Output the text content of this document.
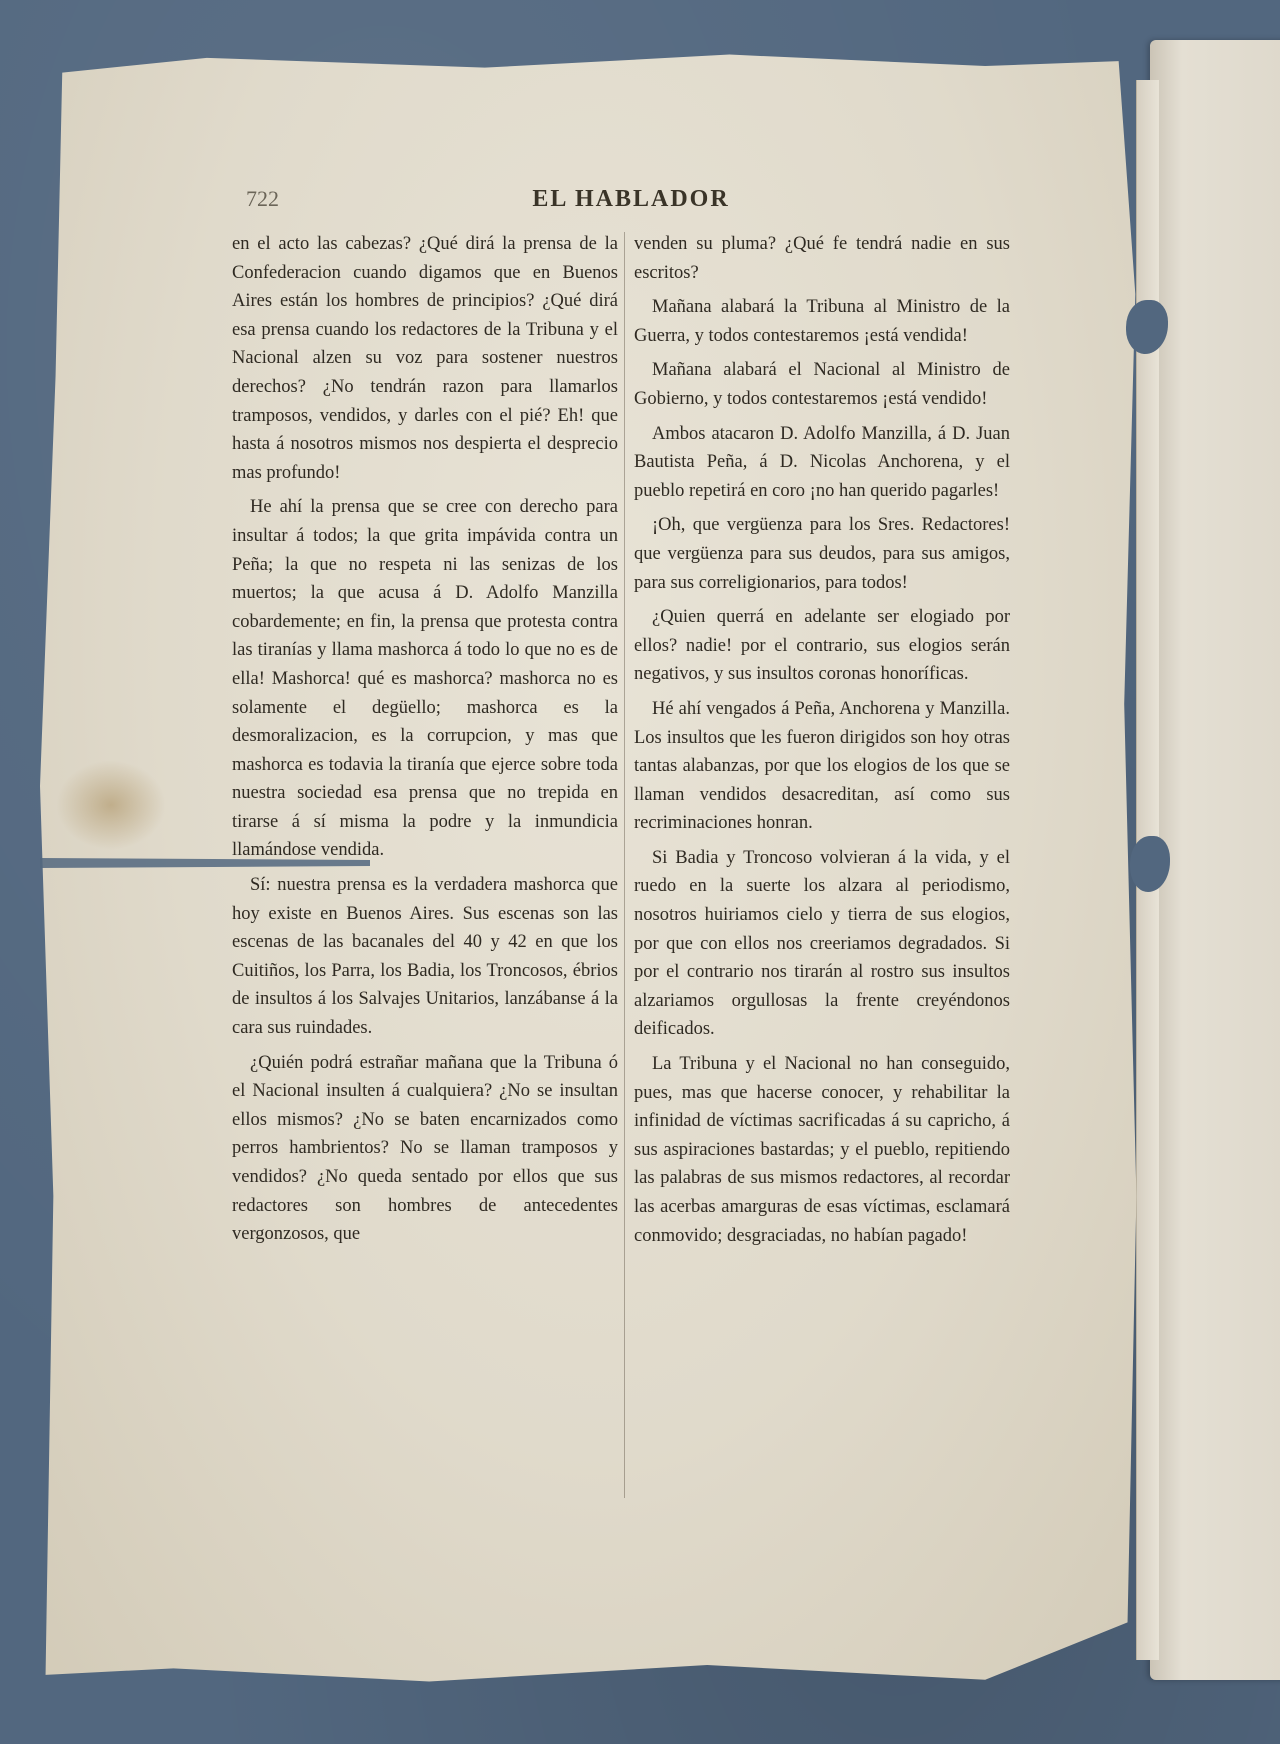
722	EL HABLADOR

en el acto las cabezas? ¿Qué dirá la prensa de la Confederacion cuando digamos que en Buenos Aires están los hombres de principios? ¿Qué dirá esa prensa cuando los redactores de la Tribuna y el Nacional alzen su voz para sostener nuestros derechos? ¿No tendrán razon para llamarlos tramposos, vendidos, y darles con el pié? Eh! que hasta á nosotros mismos nos despierta el desprecio mas profundo!

He ahí la prensa que se cree con derecho para insultar á todos; la que grita impávida contra un Peña; la que no respeta ni las senizas de los muertos; la que acusa á D. Adolfo Manzilla cobardemente; en fin, la prensa que protesta contra las tiranías y llama mashorca á todo lo que no es de ella! Mashorca! qué es mashorca? mashorca no es solamente el degüello; mashorca es la desmoralizacion, es la corrupcion, y mas que mashorca es todavia la tiranía que ejerce sobre toda nuestra sociedad esa prensa que no trepida en tirarse á sí misma la podre y la inmundicia llamándose vendida.

Sí: nuestra prensa es la verdadera mashorca que hoy existe en Buenos Aires. Sus escenas son las escenas de las bacanales del 40 y 42 en que los Cuitiños, los Parra, los Badia, los Troncosos, ébrios de insultos á los Salvajes Unitarios, lanzábanse á la cara sus ruindades.

¿Quién podrá estrañar mañana que la Tribuna ó el Nacional insulten á cualquiera? ¿No se insultan ellos mismos? ¿No se baten encarnizados como perros hambrientos? No se llaman tramposos y vendidos? ¿No queda sentado por ellos que sus redactores son hombres de antecedentes vergonzosos, que

venden su pluma? ¿Qué fe tendrá nadie en sus escritos?

Mañana alabará la Tribuna al Ministro de la Guerra, y todos contestaremos ¡está vendida!

Mañana alabará el Nacional al Ministro de Gobierno, y todos contestaremos ¡está vendido!

Ambos atacaron D. Adolfo Manzilla, á D. Juan Bautista Peña, á D. Nicolas Anchorena, y el pueblo repetirá en coro ¡no han querido pagarles!

¡Oh, que vergüenza para los Sres. Redactores! que vergüenza para sus deudos, para sus amigos, para sus correligionarios, para todos!

¿Quien querrá en adelante ser elogiado por ellos? nadie! por el contrario, sus elogios serán negativos, y sus insultos coronas honoríficas.

Hé ahí vengados á Peña, Anchorena y Manzilla. Los insultos que les fueron dirigidos son hoy otras tantas alabanzas, por que los elogios de los que se llaman vendidos desacreditan, así como sus recriminaciones honran.

Si Badia y Troncoso volvieran á la vida, y el ruedo en la suerte los alzara al periodismo, nosotros huiriamos cielo y tierra de sus elogios, por que con ellos nos creeriamos degradados. Si por el contrario nos tirarán al rostro sus insultos alzariamos orgullosas la frente creyéndonos deificados.

La Tribuna y el Nacional no han conseguido, pues, mas que hacerse conocer, y rehabilitar la infinidad de víctimas sacrificadas á su capricho, á sus aspiraciones bastardas; y el pueblo, repitiendo las palabras de sus mismos redactores, al recordar las acerbas amarguras de esas víctimas, esclamará conmovido; desgraciadas, no habían pagado!
